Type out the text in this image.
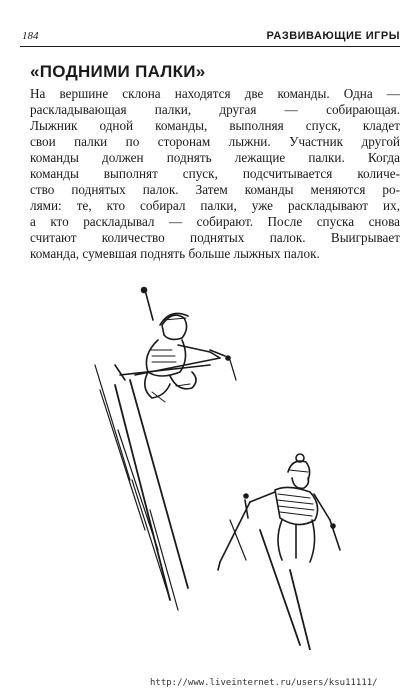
184	РАЗВИВАЮЩИЕ ИГРЫ
«ПОДНИМИ ПАЛКИ»
На вершине склона находятся две команды. Одна —
раскладывающая палки, другая — собирающая.
Лыжник одной команды, выполняя спуск, кладет
свои палки по сторонам лыжни. Участник другой
команды должен поднять лежащие палки. Когда
команды выполнят спуск, подсчитывается количе-
ство поднятых палок. Затем команды меняются ро-
лями: те, кто собирал палки, уже раскладывают их,
а кто раскладывал — собирают. После спуска снова
считают количество поднятых палок. Выигрывает
команда, сумевшая поднять больше лыжных палок.
http://www.liveinternet.ru/users/ksu11111/
